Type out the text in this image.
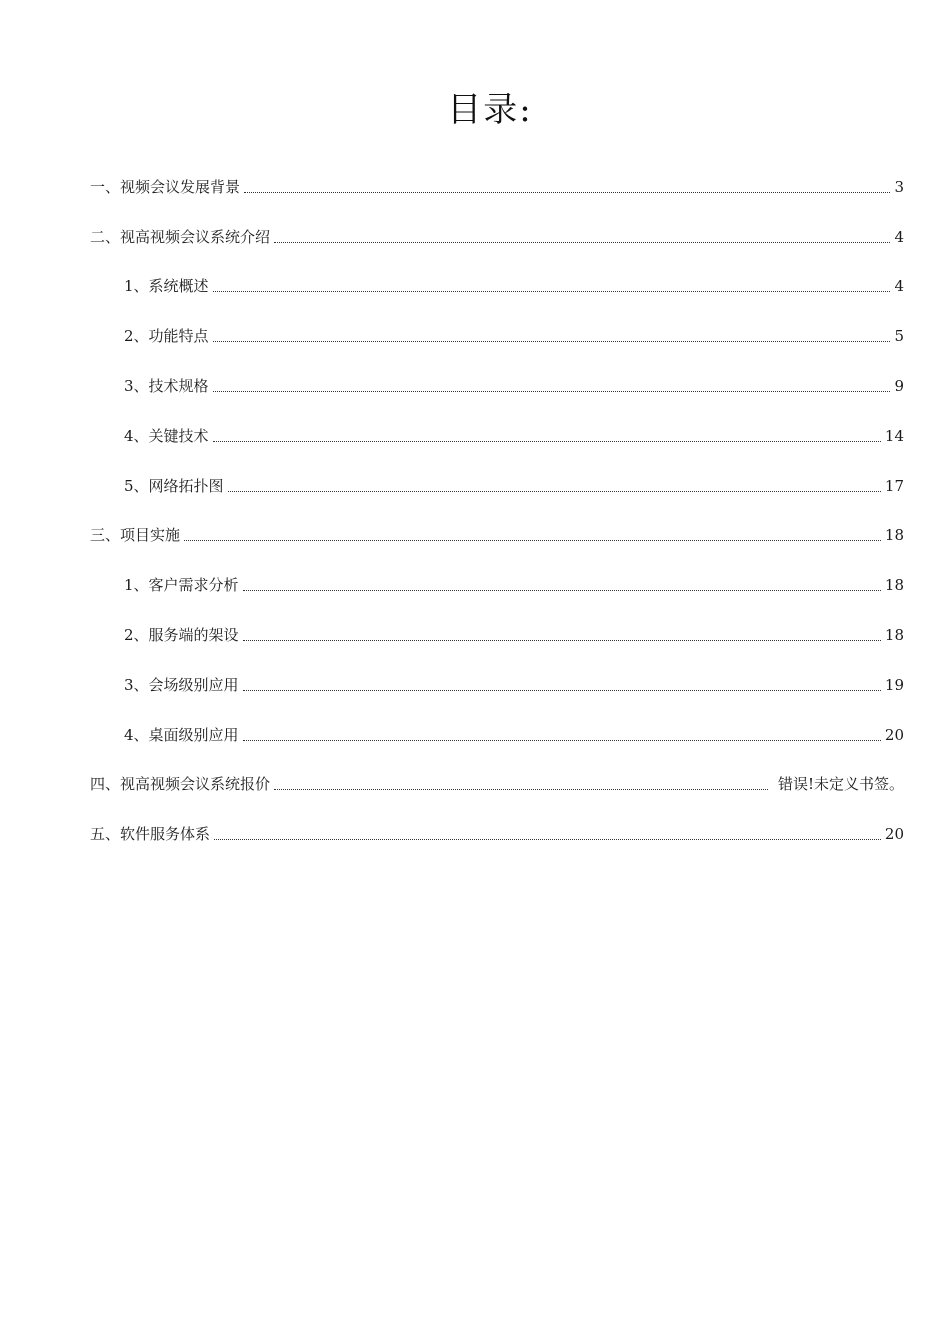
目录:
一、视频会议发展背景	3
二、视高视频会议系统介绍	4
1、系统概述	4
2、功能特点	5
3、技术规格	9
4、关键技术	14
5、网络拓扑图	17
三、项目实施	18
1、客户需求分析	18
2、服务端的架设	18
3、会场级别应用	19
4、桌面级别应用	20
四、视高视频会议系统报价	错误!未定义书签。
五、软件服务体系	20
